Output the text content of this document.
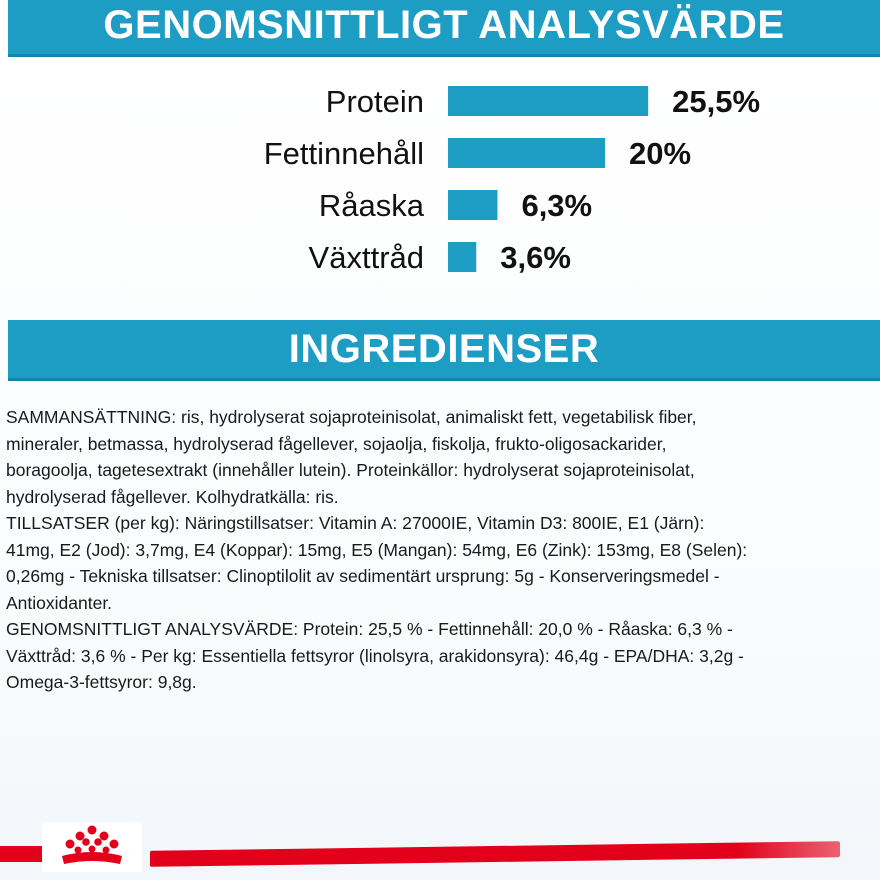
GENOMSNITTLIGT ANALYSVÄRDE
Protein	25,5%
Fettinnehåll	20%
Råaska	6,3%
Växttråd 3,6%
INGREDIENSER

SAMMANSÄTTNING: ris, hydrolyserat sojaproteinisolat, animaliskt fett, vegetabilisk fiber,
mineraler, betmassa, hydrolyserad fågellever, sojaolja, fiskolja, frukto-oligosackarider,
boragoolja, tagetesextrakt (innehåller lutein). Proteinkällor: hydrolyserat sojaproteinisolat,
hydrolyserad fågellever. Kolhydratkälla: ris.
TILLSATSER (per kg): Näringstillsatser: Vitamin A: 27000IE, Vitamin D3: 800IE, E1 (Järn):
41mg, E2 (Jod): 3,7mg, E4 (Koppar): 15mg, E5 (Mangan): 54mg, E6 (Zink): 153mg, E8 (Selen):
0,26mg - Tekniska tillsatser: Clinoptilolit av sedimentärt ursprung: 5g - Konserveringsmedel -
Antioxidanter.
GENOMSNITTLIGT ANALYSVÄRDE: Protein: 25,5 % - Fettinnehåll: 20,0 % - Råaska: 6,3 % -
Växttråd: 3,6 % - Per kg: Essentiella fettsyror (linolsyra, arakidonsyra): 46,4g - EPA/DHA: 3,2g -
Omega-3-fettsyror: 9,8g.
